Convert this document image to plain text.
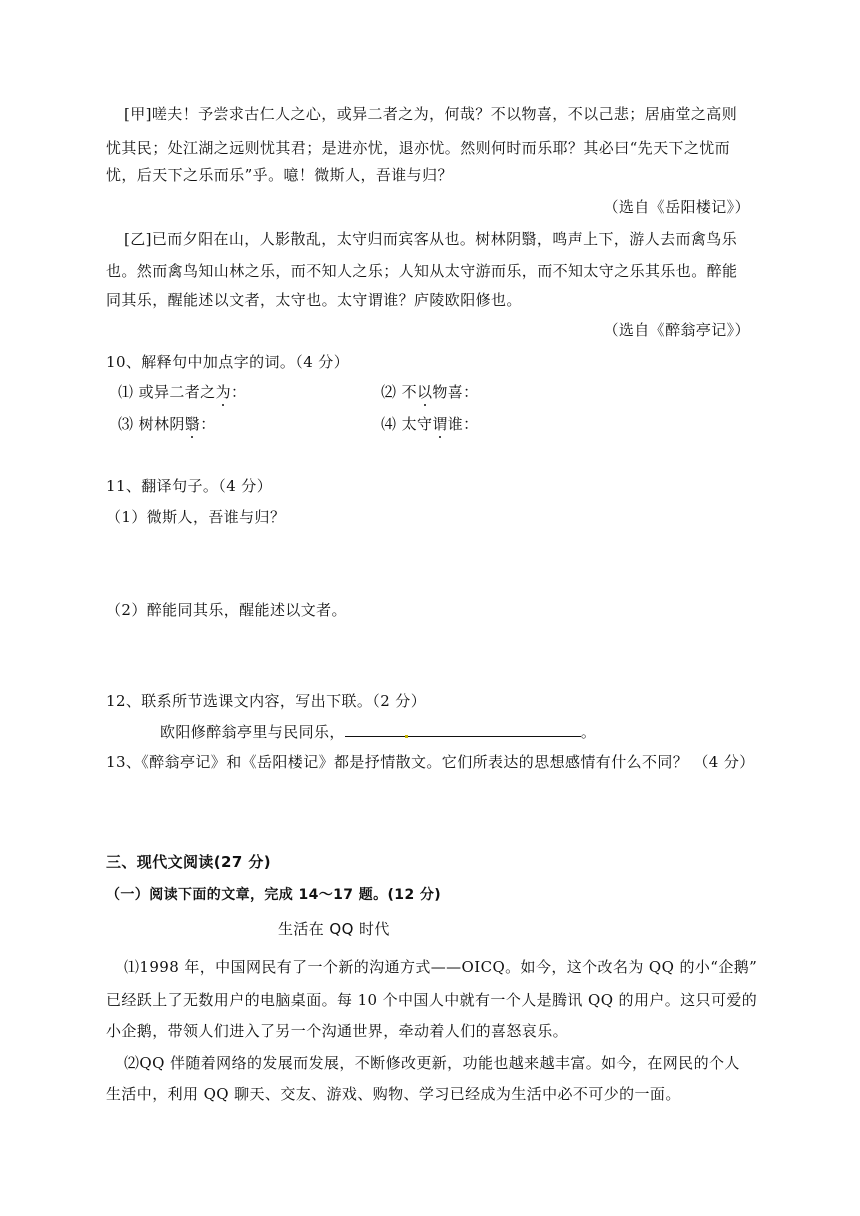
[甲]嗟夫！予尝求古仁人之心，或异二者之为，何哉？不以物喜，不以己悲；居庙堂之高则
忧其民；处江湖之远则忧其君；是进亦忧，退亦忧。然则何时而乐耶？其必曰“先天下之忧而
忧，后天下之乐而乐”乎。噫！微斯人，吾谁与归？
（选自《岳阳楼记》）
[乙]已而夕阳在山，人影散乱，太守归而宾客从也。树林阴翳，鸣声上下，游人去而禽鸟乐
也。然而禽鸟知山林之乐，而不知人之乐；人知从太守游而乐，而不知太守之乐其乐也。醉能
同其乐，醒能述以文者，太守也。太守谓谁？庐陵欧阳修也。
（选自《醉翁亭记》）
10、解释句中加点字的词。（4 分）
⑴ 或异二者之为：	⑵ 不以物喜：
⑶ 树林阴翳：	⑷ 太守谓谁：
11、翻译句子。（4 分）
（1）微斯人，吾谁与归？
（2）醉能同其乐，醒能述以文者。
12、联系所节选课文内容，写出下联。（2 分）
欧阳修醉翁亭里与民同乐，	。
13、《醉翁亭记》和《岳阳楼记》都是抒情散文。它们所表达的思想感情有什么不同？ （4 分）
三、现代文阅读(27 分)
（一）阅读下面的文章，完成 14～17 题。(12 分)
生活在 QQ 时代
⑴1998 年，中国网民有了一个新的沟通方式——OICQ。如今，这个改名为 QQ 的小“企鹅”
已经跃上了无数用户的电脑桌面。每 10 个中国人中就有一个人是腾讯 QQ 的用户。这只可爱的
小企鹅，带领人们进入了另一个沟通世界，牵动着人们的喜怒哀乐。
⑵QQ 伴随着网络的发展而发展，不断修改更新，功能也越来越丰富。如今，在网民的个人
生活中，利用 QQ 聊天、交友、游戏、购物、学习已经成为生活中必不可少的一面。
